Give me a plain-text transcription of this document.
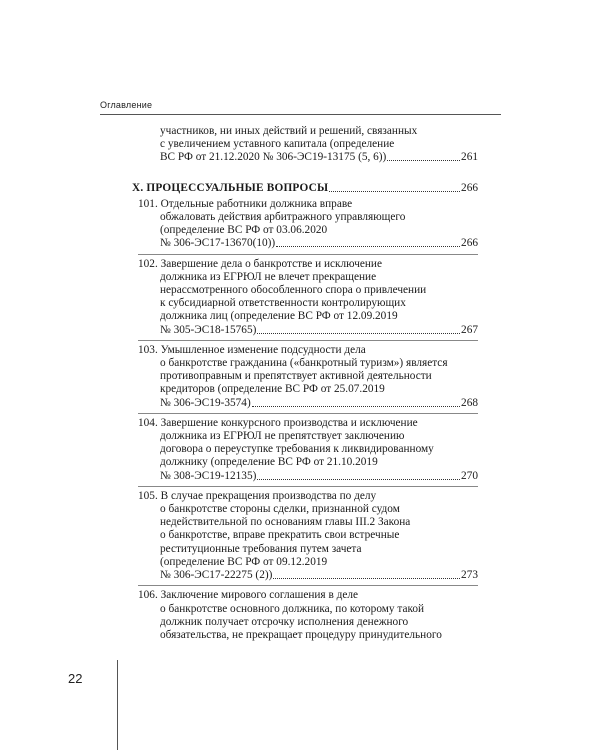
Оглавление
участников, ни иных действий и решений, связанных
с увеличением уставного капитала (определение
ВС РФ от 21.12.2020 № 306-ЭС19-13175 (5, 6))	261
X. ПРОЦЕССУАЛЬНЫЕ ВОПРОСЫ	266
101. Отдельные работники должника вправе
обжаловать действия арбитражного управляющего
(определение ВС РФ от 03.06.2020
№ 306-ЭС17-13670(10))	266
102. Завершение дела о банкротстве и исключение
должника из ЕГРЮЛ не влечет прекращение
нерассмотренного обособленного спора о привлечении
к субсидиарной ответственности контролирующих
должника лиц (определение ВС РФ от 12.09.2019
№ 305-ЭС18-15765)	267
103. Умышленное изменение подсудности дела
о банкротстве гражданина («банкротный туризм») является
противоправным и препятствует активной деятельности
кредиторов (определение ВС РФ от 25.07.2019
№ 306-ЭС19-3574)	268
104. Завершение конкурсного производства и исключение
должника из ЕГРЮЛ не препятствует заключению
договора о переуступке требования к ликвидированному
должнику (определение ВС РФ от 21.10.2019
№ 308-ЭС19-12135)	270
105. В случае прекращения производства по делу
о банкротстве стороны сделки, признанной судом
недействительной по основаниям главы III.2 Закона
о банкротстве, вправе прекратить свои встречные
реституционные требования путем зачета
(определение ВС РФ от 09.12.2019
№ 306-ЭС17-22275 (2))	273
106. Заключение мирового соглашения в деле
о банкротстве основного должника, по которому такой
должник получает отсрочку исполнения денежного
обязательства, не прекращает процедуру принудительного
22
